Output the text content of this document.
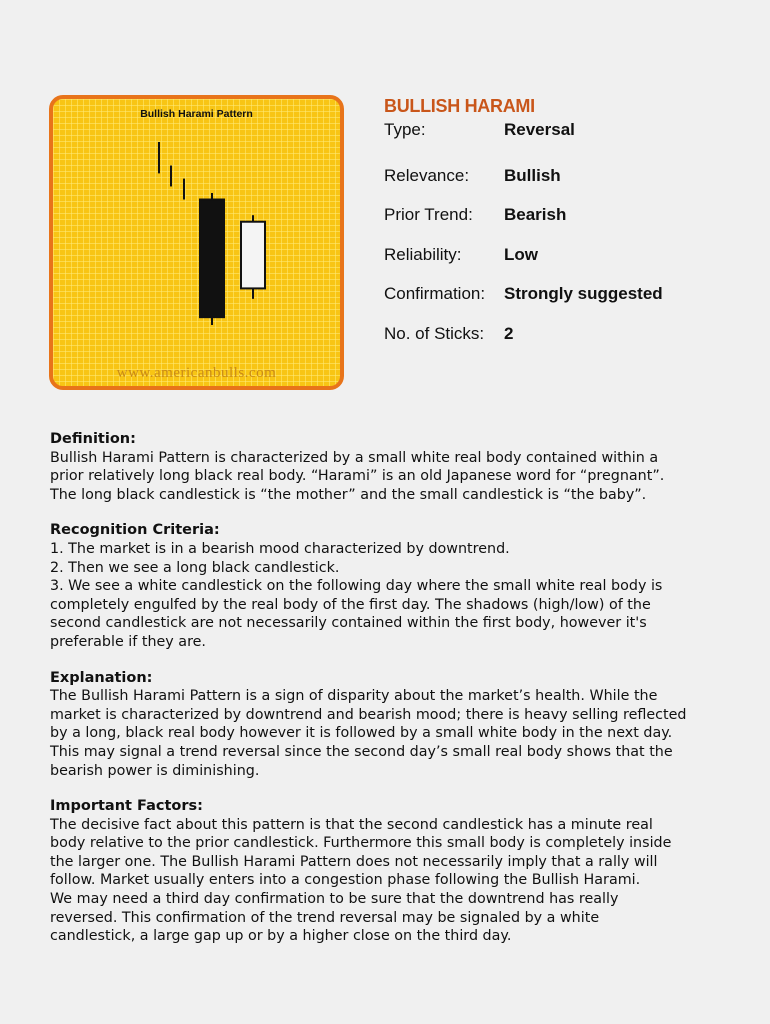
Bullish Harami Pattern
www.americanbulls.com
BULLISH HARAMI
Type:	Reversal
Relevance: Bullish
Prior Trend: Bearish
Reliability:	Low
Confirmation: Strongly suggested
No. of Sticks: 2
Definition:
Bullish Harami Pattern is characterized by a small white real body contained within a
prior relatively long black real body. “Harami” is an old Japanese word for “pregnant”.
The long black candlestick is “the mother” and the small candlestick is “the baby”.
Recognition Criteria:
1. The market is in a bearish mood characterized by downtrend.
2. Then we see a long black candlestick.
3. We see a white candlestick on the following day where the small white real body is
completely engulfed by the real body of the first day. The shadows (high/low) of the
second candlestick are not necessarily contained within the first body, however it's
preferable if they are.
Explanation:
The Bullish Harami Pattern is a sign of disparity about the market’s health. While the
market is characterized by downtrend and bearish mood; there is heavy selling reflected
by a long, black real body however it is followed by a small white body in the next day.
This may signal a trend reversal since the second day’s small real body shows that the
bearish power is diminishing.
Important Factors:
The decisive fact about this pattern is that the second candlestick has a minute real
body relative to the prior candlestick. Furthermore this small body is completely inside
the larger one. The Bullish Harami Pattern does not necessarily imply that a rally will
follow. Market usually enters into a congestion phase following the Bullish Harami.
We may need a third day confirmation to be sure that the downtrend has really
reversed. This confirmation of the trend reversal may be signaled by a white
candlestick, a large gap up or by a higher close on the third day.
